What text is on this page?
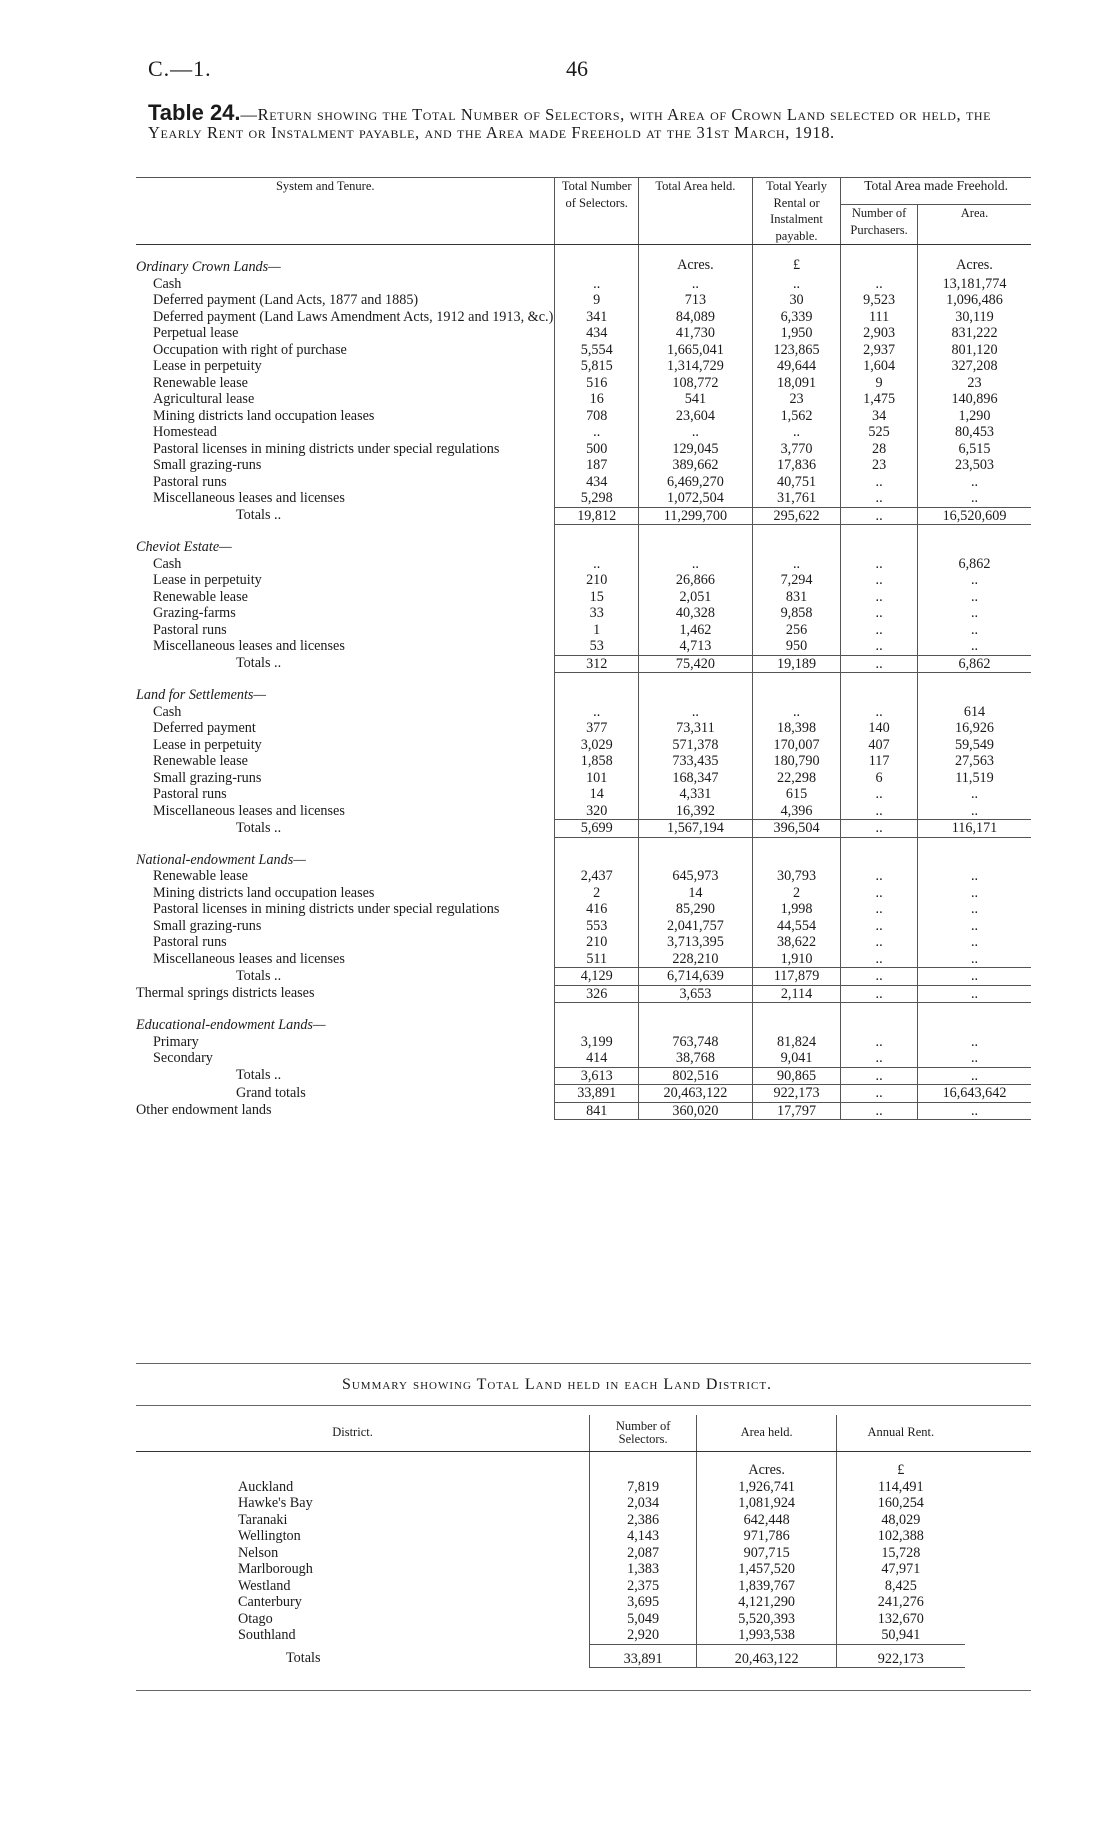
C.—1.	46
Table 24.—Return showing the Total Number of Selectors, with Area of Crown Land selected or held, the Yearly Rent or Instalment payable, and the Area made Freehold at the 31st March, 1918.

System and Tenure.	Total Number of Selectors.	Total Area held.	Total Yearly Rental or Instalment payable.	Total Area made Freehold.	
				Number of Purchasers.	Area.

Ordinary Crown Lands—		Acres.	£		Acres.
Cash	..	..	..	..	13,181,774
Deferred payment (Land Acts, 1877 and 1885)	9	713	30	9,523	1,096,486
Deferred payment (Land Laws Amendment Acts, 1912 and 1913, &c.)	341	84,089	6,339	111	30,119
Perpetual lease	434	41,730	1,950	2,903	831,222
Occupation with right of purchase	5,554	1,665,041	123,865	2,937	801,120
Lease in perpetuity	5,815	1,314,729	49,644	1,604	327,208
Renewable lease	516	108,772	18,091	9	23
Agricultural lease	16	541	23	1,475	140,896
Mining districts land occupation leases	708	23,604	1,562	34	1,290
Homestead	..	..	..	525	80,453
Pastoral licenses in mining districts under special regulations	500	129,045	3,770	28	6,515
Small grazing-runs	187	389,662	17,836	23	23,503
Pastoral runs	434	6,469,270	40,751	..	..
Miscellaneous leases and licenses	5,298	1,072,504	31,761	..	..
Totals ..	19,812	11,299,700	295,622	..	16,520,609

Cheviot Estate—					
Cash	..	..	..	..	6,862
Lease in perpetuity	210	26,866	7,294	..	..
Renewable lease	15	2,051	831	..	..
Grazing-farms	33	40,328	9,858	..	..
Pastoral runs	1	1,462	256	..	..
Miscellaneous leases and licenses	53	4,713	950	..	..
Totals ..	312	75,420	19,189	..	6,862

Land for Settlements—					
Cash	..	..	..	..	614
Deferred payment	377	73,311	18,398	140	16,926
Lease in perpetuity	3,029	571,378	170,007	407	59,549
Renewable lease	1,858	733,435	180,790	117	27,563
Small grazing-runs	101	168,347	22,298	6	11,519
Pastoral runs	14	4,331	615	..	..
Miscellaneous leases and licenses	320	16,392	4,396	..	..
Totals ..	5,699	1,567,194	396,504	..	116,171

National-endowment Lands—					
Renewable lease	2,437	645,973	30,793	..	..
Mining districts land occupation leases	2	14	2	..	..
Pastoral licenses in mining districts under special regulations	416	85,290	1,998	..	..
Small grazing-runs	553	2,041,757	44,554	..	..
Pastoral runs	210	3,713,395	38,622	..	..
Miscellaneous leases and licenses	511	228,210	1,910	..	..
Totals ..	4,129	6,714,639	117,879	..	..
Thermal springs districts leases	326	3,653	2,114	..	..

Educational-endowment Lands—					
Primary	3,199	763,748	81,824	..	..
Secondary	414	38,768	9,041	..	..
Totals ..	3,613	802,516	90,865	..	..
Grand totals	33,891	20,463,122	922,173	..	16,643,642
Other endowment lands	841	360,020	17,797	..	..
Summary showing Total Land held in each Land District.
District.	Number of Selectors.	Area held.	Annual Rent.	

		Acres.	£	
Auckland	7,819	1,926,741	114,491	
Hawke's Bay	2,034	1,081,924	160,254	
Taranaki	2,386	642,448	48,029	
Wellington	4,143	971,786	102,388	
Nelson	2,087	907,715	15,728	
Marlborough	1,383	1,457,520	47,971	
Westland	2,375	1,839,767	8,425	
Canterbury	3,695	4,121,290	241,276	
Otago	5,049	5,520,393	132,670	
Southland	2,920	1,993,538	50,941	
Totals	33,891	20,463,122	922,173	
